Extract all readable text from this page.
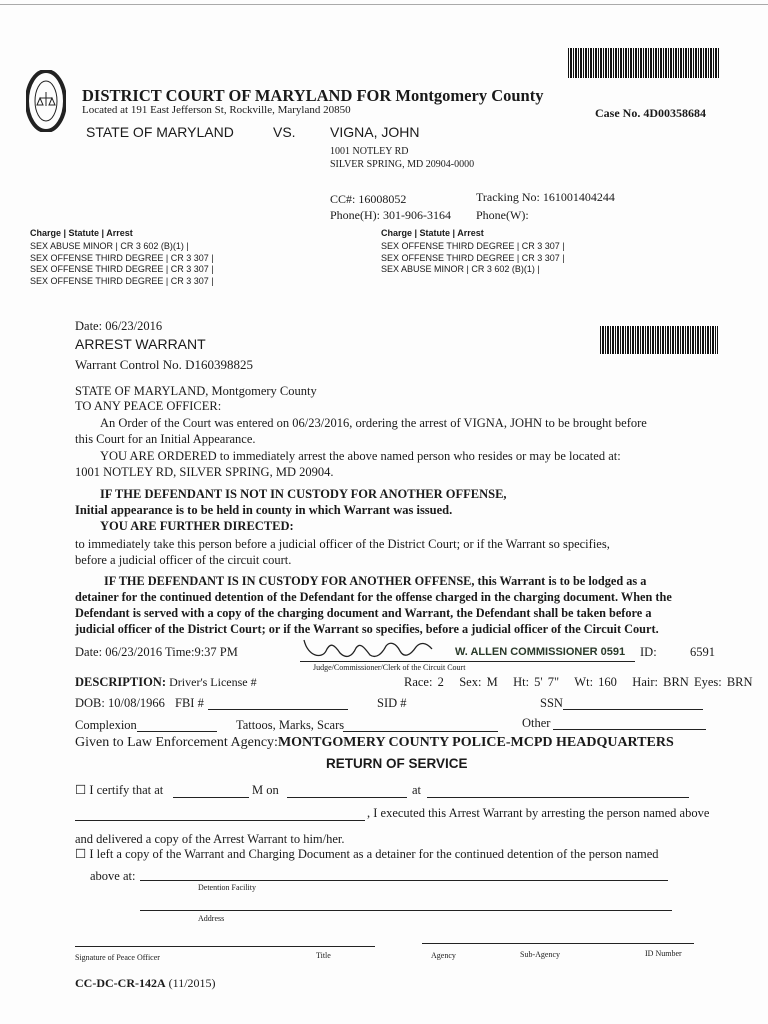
DISTRICT COURT OF MARYLAND FOR Montgomery County
Located at 191 East Jefferson St, Rockville, Maryland 20850	Case No. 4D00358684
STATE OF MARYLAND	VS. VIGNA, JOHN
1001 NOTLEY RD
SILVER SPRING, MD 20904-0000
CC#: 16008052	Tracking No: 161001404244
Phone(H): 301-906-3164 Phone(W):
Charge | Statute | Arrest
SEX ABUSE MINOR | CR 3 602 (B)(1) |
SEX OFFENSE THIRD DEGREE | CR 3 307 |
SEX OFFENSE THIRD DEGREE | CR 3 307 |
SEX OFFENSE THIRD DEGREE | CR 3 307 |
Charge | Statute | Arrest
SEX OFFENSE THIRD DEGREE | CR 3 307 |
SEX OFFENSE THIRD DEGREE | CR 3 307 |
SEX ABUSE MINOR | CR 3 602 (B)(1) |
Date: 06/23/2016
ARREST WARRANT
Warrant Control No. D160398825
STATE OF MARYLAND, Montgomery County
TO ANY PEACE OFFICER:
An Order of the Court was entered on 06/23/2016, ordering the arrest of VIGNA, JOHN to be brought before
this Court for an Initial Appearance.
YOU ARE ORDERED to immediately arrest the above named person who resides or may be located at:
1001 NOTLEY RD, SILVER SPRING, MD 20904.
IF THE DEFENDANT IS NOT IN CUSTODY FOR ANOTHER OFFENSE,
Initial appearance is to be held in county in which Warrant was issued.
YOU ARE FURTHER DIRECTED:
to immediately take this person before a judicial officer of the District Court; or if the Warrant so specifies,
before a judicial officer of the circuit court.
IF THE DEFENDANT IS IN CUSTODY FOR ANOTHER OFFENSE, this Warrant is to be lodged as a
detainer for the continued detention of the Defendant for the offense charged in the charging document. When the
Defendant is served with a copy of the charging document and Warrant, the Defendant shall be taken before a
judicial officer of the District Court; or if the Warrant so specifies, before a judicial officer of the Circuit Court.
Date: 06/23/2016 Time:9:37 PM	W. ALLEN COMMISSIONER 0591
Judge/Commissioner/Clerk of the Circuit Court
ID:	6591
DESCRIPTION: Driver's License #	Race: 2 Sex: M Ht: 5' 7" Wt: 160 Hair: BRN Eyes: BRN
DOB: 10/08/1966 FBI #	SID #	SSN
Complexion	Tattoos, Marks, Scars	Other
Given to Law Enforcement Agency:MONTGOMERY COUNTY POLICE-MCPD HEADQUARTERS
RETURN OF SERVICE
☐ I certify that at	M on	at
, I executed this Arrest Warrant by arresting the person named above
and delivered a copy of the Arrest Warrant to him/her.
☐ I left a copy of the Warrant and Charging Document as a detainer for the continued detention of the person named
above at:
Detention Facility
Address
Signature of Peace Officer	Title	Agency	Sub-Agency	ID Number
CC-DC-CR-142A (11/2015)
